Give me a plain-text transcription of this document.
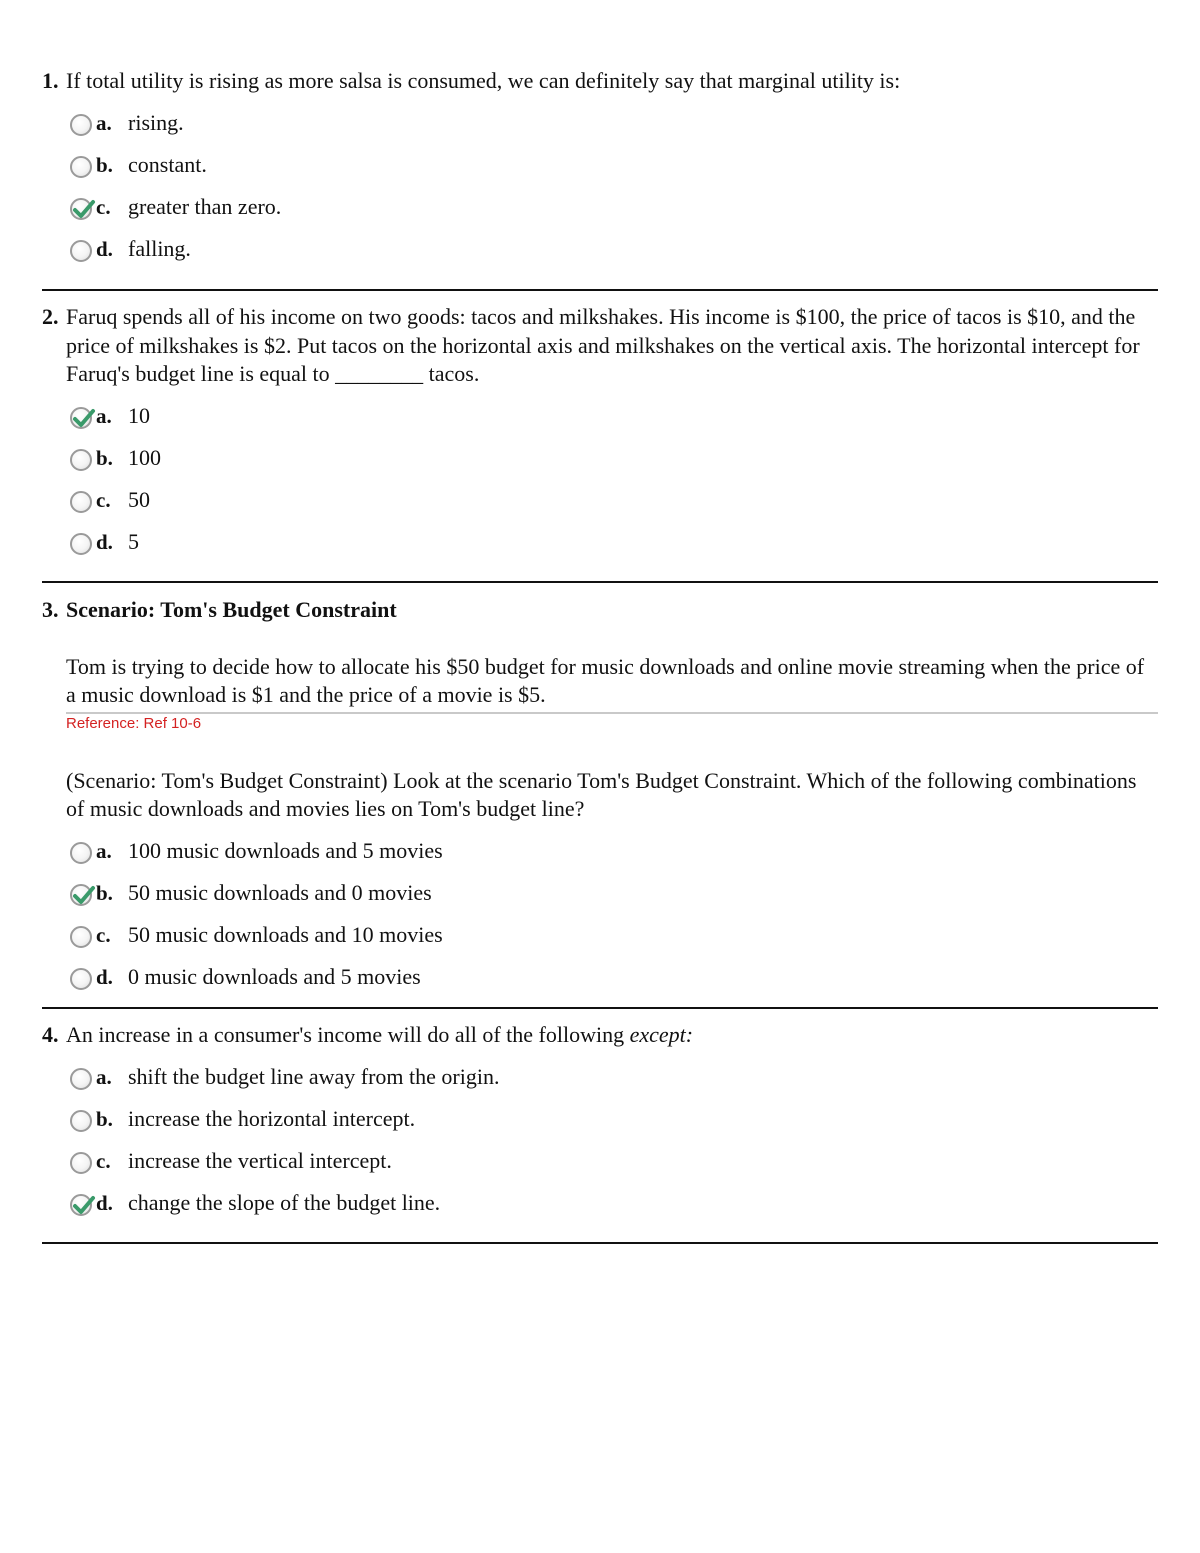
1. If total utility is rising as more salsa is consumed, we can definitely say that marginal utility is:
a. rising.
b. constant.
c. greater than zero.
d. falling.
2. Faruq spends all of his income on two goods: tacos and milkshakes. His income is $100, the price of tacos is $10, and the price of milkshakes is $2. Put tacos on the horizontal axis and milkshakes on the vertical axis. The horizontal intercept for Faruq's budget line is equal to ________ tacos.
a. 10
b. 100
c. 50
d. 5
3. Scenario: Tom's Budget Constraint

Tom is trying to decide how to allocate his $50 budget for music downloads and online movie streaming when the price of a music download is $1 and the price of a movie is $5.

Reference: Ref 10-6
(Scenario: Tom's Budget Constraint) Look at the scenario Tom's Budget Constraint. Which of the following combinations of music downloads and movies lies on Tom's budget line?
a. 100 music downloads and 5 movies
b. 50 music downloads and 0 movies
c. 50 music downloads and 10 movies
d. 0 music downloads and 5 movies
4. An increase in a consumer's income will do all of the following except:
a. shift the budget line away from the origin.
b. increase the horizontal intercept.
c. increase the vertical intercept.
d. change the slope of the budget line.
